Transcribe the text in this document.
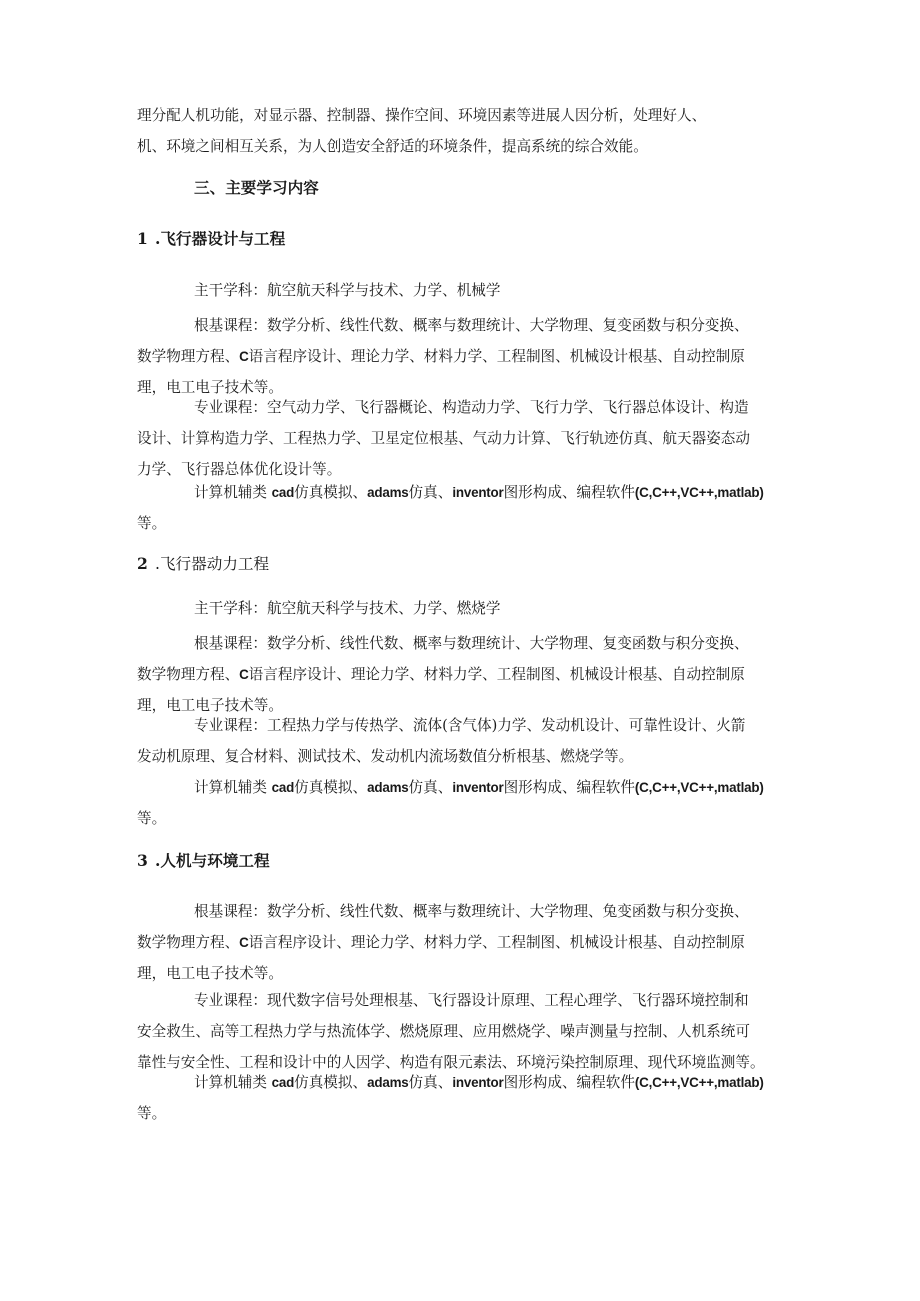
理分配人机功能，对显示器、控制器、操作空间、环境因素等进展人因分析，处理好人、
机、环境之间相互关系，为人创造安全舒适的环境条件，提高系统的综合效能。
三、主要学习内容
1 .飞行器设计与工程
主干学科：航空航天科学与技术、力学、机械学
根基课程：数学分析、线性代数、概率与数理统计、大学物理、复变函数与积分变换、
数学物理方程、C语言程序设计、理论力学、材料力学、工程制图、机械设计根基、自动控制原
理，电工电子技术等。
专业课程：空气动力学、飞行器概论、构造动力学、飞行力学、飞行器总体设计、构造
设计、计算构造力学、工程热力学、卫星定位根基、气动力计算、飞行轨迹仿真、航天器姿态动
力学、飞行器总体优化设计等。
计算机辅类 cad仿真模拟、adams仿真、inventor图形构成、编程软件(C,C++,VC++,matlab)
等。
2 .飞行器动力工程
主干学科：航空航天科学与技术、力学、燃烧学
根基课程：数学分析、线性代数、概率与数理统计、大学物理、复变函数与积分变换、
数学物理方程、C语言程序设计、理论力学、材料力学、工程制图、机械设计根基、自动控制原
理，电工电子技术等。
专业课程：工程热力学与传热学、流体(含气体)力学、发动机设计、可靠性设计、火箭
发动机原理、复合材料、测试技术、发动机内流场数值分析根基、燃烧学等。
计算机辅类 cad仿真模拟、adams仿真、inventor图形构成、编程软件(C,C++,VC++,matlab)
等。
3 .人机与环境工程
根基课程：数学分析、线性代数、概率与数理统计、大学物理、兔变函数与积分变换、
数学物理方程、C语言程序设计、理论力学、材料力学、工程制图、机械设计根基、自动控制原
理，电工电子技术等。
专业课程：现代数字信号处理根基、飞行器设计原理、工程心理学、飞行器环境控制和
安全救生、高等工程热力学与热流体学、燃烧原理、应用燃烧学、噪声测量与控制、人机系统可
靠性与安全性、工程和设计中的人因学、构造有限元素法、环境污染控制原理、现代环境监测等。
计算机辅类 cad仿真模拟、adams仿真、inventor图形构成、编程软件(C,C++,VC++,matlab)
等。
